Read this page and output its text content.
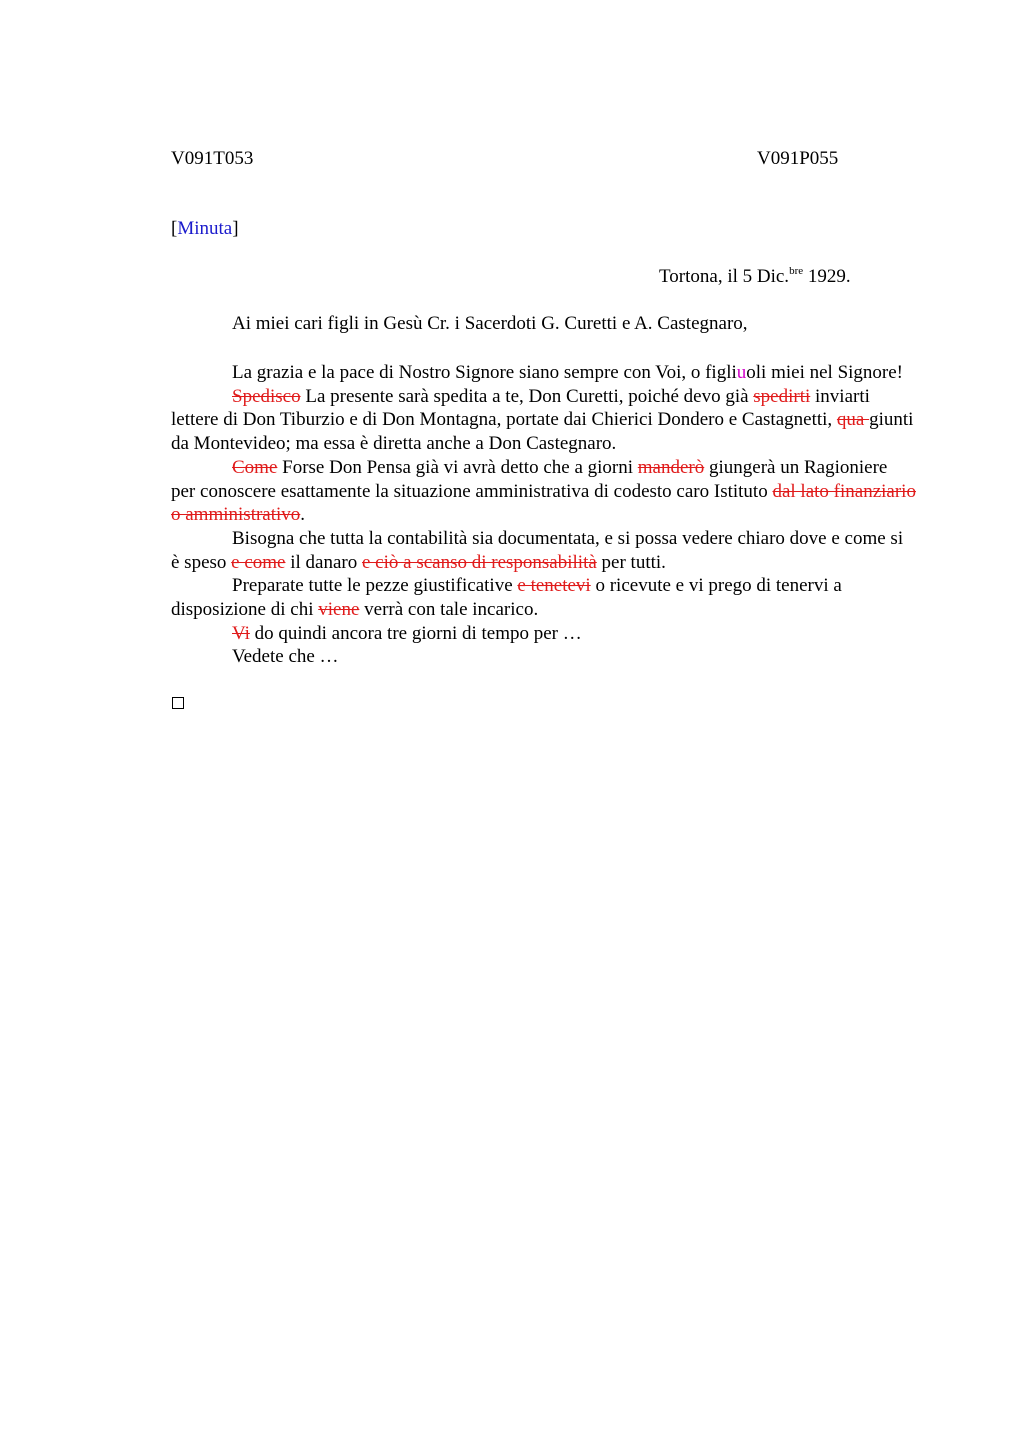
V091T053	V091P055
[Minuta]
Tortona, il 5 Dic.$^{bre}$ 1929.
Ai miei cari figli in Gesù Cr. i Sacerdoti G. Curetti e A. Castegnaro,

La grazia e la pace di Nostro Signore siano sempre con Voi, o figliuoli miei nel Signore!

Spedisco La presente sarà spedita a te, Don Curetti, poiché devo già spedirti inviarti lettere di Don Tiburzio e di Don Montagna, portate dai Chierici Dondero e Castagnetti, qua giunti da Montevideo; ma essa è diretta anche a Don Castegnaro.

Come Forse Don Pensa già vi avrà detto che a giorni manderò giungerà un Ragioniere per conoscere esattamente la situazione amministrativa di codesto caro Istituto dal lato finanziario o amministrativo.

Bisogna che tutta la contabilità sia documentata, e si possa vedere chiaro dove e come si è speso e come il danaro e ciò a scanso di responsabilità per tutti.

Preparate tutte le pezze giustificative e tenetevi o ricevute e vi prego di tenervi a disposizione di chi viene verrà con tale incarico.

Vi do quindi ancora tre giorni di tempo per …

Vedete che …
